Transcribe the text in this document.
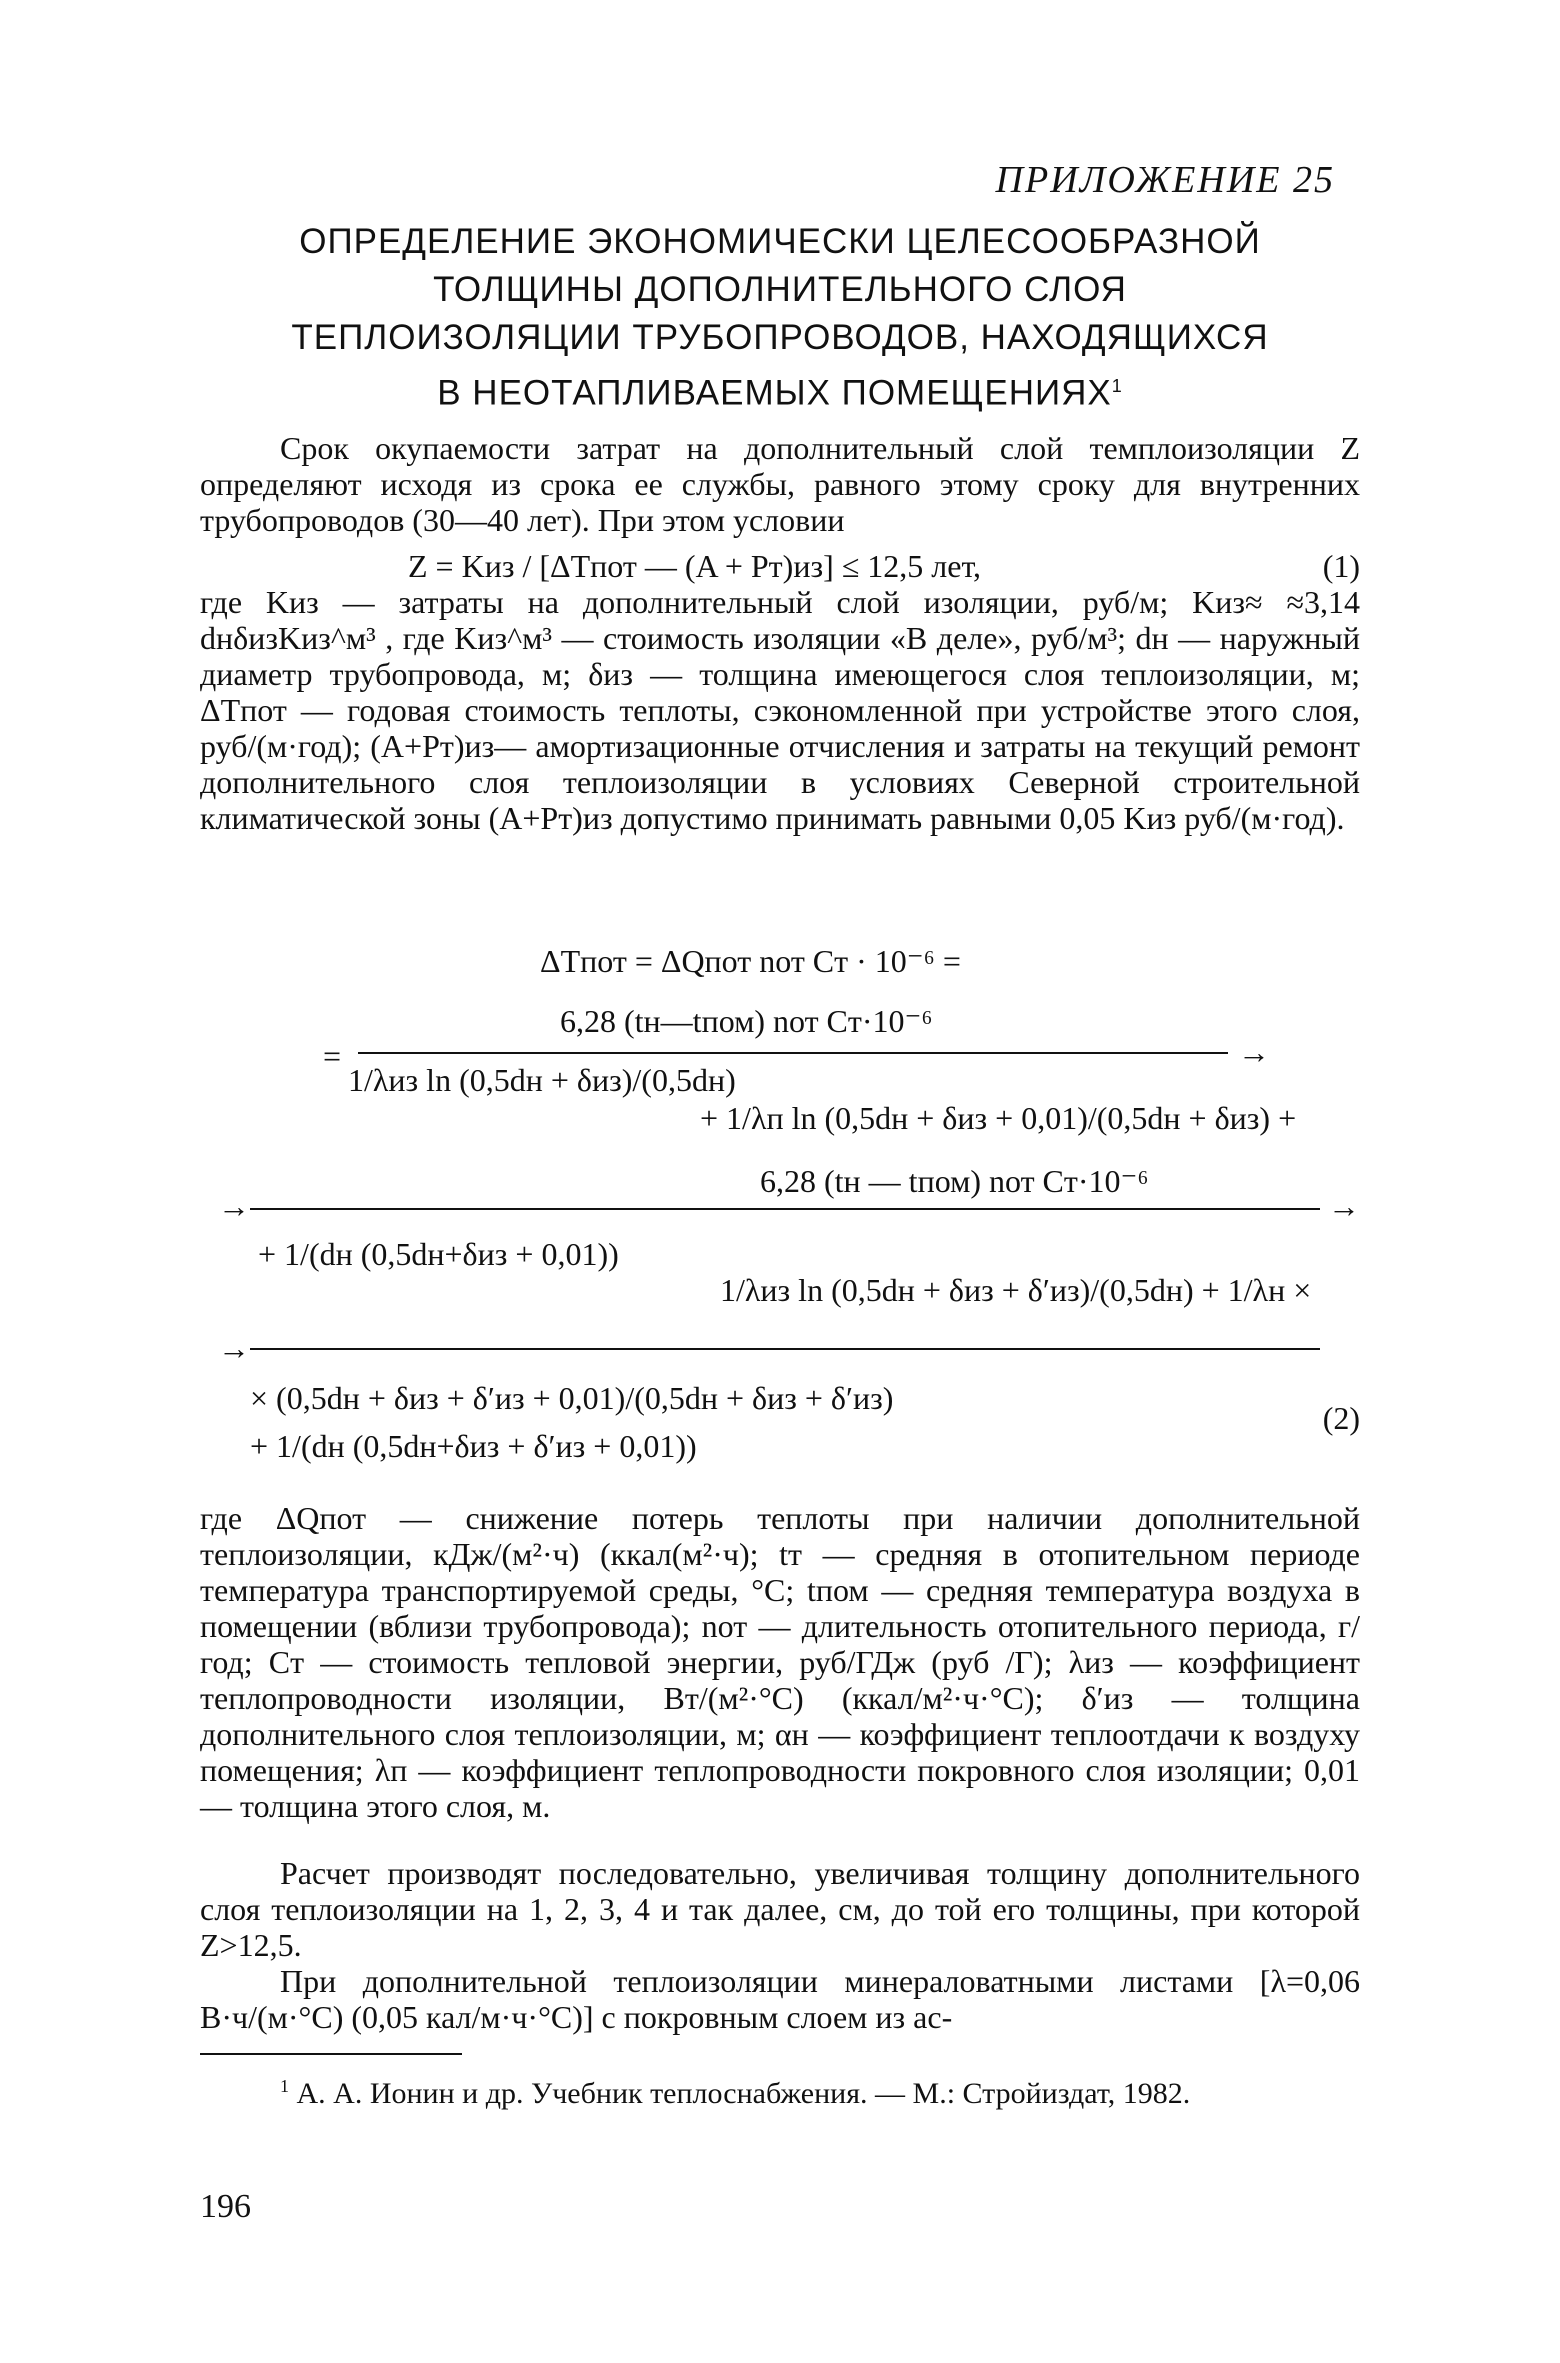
ПРИЛОЖЕНИЕ 25
ОПРЕДЕЛЕНИЕ ЭКОНОМИЧЕСКИ ЦЕЛЕСООБРАЗНОЙ
ТОЛЩИНЫ ДОПОЛНИТЕЛЬНОГО СЛОЯ
ТЕПЛОИЗОЛЯЦИИ ТРУБОПРОВОДОВ, НАХОДЯЩИХСЯ
В НЕОТАПЛИВАЕМЫХ ПОМЕЩЕНИЯХ$^1$
Срок окупаемости затрат на дополнительный слой темплоизоляции Z определяют исходя из срока ее службы, равного этому сроку для внутренних трубопроводов (30—40 лет). При этом условии
Z = Kиз / [ΔTпот — (A + Pт)из] ≤ 12,5 лет,	(1)
где Kиз — затраты на дополнительный слой изоляции, руб/м; Kиз≈ ≈3,14 dнδизKиз^м³ , где Kиз^м³ — стоимость изоляции «В деле», руб/м³; dн — наружный диаметр трубопровода, м; δиз — толщина имеющегося слоя теплоизоляции, м; ΔTпот — годовая стоимость теплоты, сэкономленной при устройстве этого слоя, руб/(м·год); (A+Pт)из— амортизационные отчисления и затраты на текущий ремонт дополнительного слоя теплоизоляции в условиях Северной строительной климатической зоны (A+Pт)из допустимо принимать равными 0,05 Kиз руб/(м·год).
ΔTпот = ΔQпот nот Cт · 10⁻⁶ =
6,28 (tн—tпом) nот Cт·10⁻⁶
=	→
1/λиз ln (0,5dн + δиз)/(0,5dн)
+ 1/λп ln (0,5dн + δиз + 0,01)/(0,5dн + δиз) +
6,28 (tн — tпом) nот Cт·10⁻⁶
→	→
+ 1/(dн (0,5dн+δиз + 0,01))
1/λиз ln (0,5dн + δиз + δ′из)/(0,5dн) + 1/λн ×
→
× (0,5dн + δиз + δ′из + 0,01)/(0,5dн + δиз + δ′из)
+ 1/(dн (0,5dн+δиз + δ′из + 0,01))
(2)
где ΔQпот — снижение потерь теплоты при наличии дополнительной теплоизоляции, кДж/(м²·ч) (ккал(м²·ч); tт — средняя в отопительном периоде температура транспортируемой среды, °С; tпом — средняя температура воздуха в помещении (вблизи трубопровода); nот — длительность отопительного периода, г/год; Cт — стоимость тепловой энергии, руб/ГДж (руб /Г); λиз — коэффициент теплопроводности изоляции, Вт/(м²·°С) (ккал/м²·ч·°С); δ′из — толщина дополнительного слоя теплоизоляции, м; αн — коэффициент теплоотдачи к воздуху помещения; λп — коэффициент теплопроводности покровного слоя изоляции; 0,01 — толщина этого слоя, м.
Расчет производят последовательно, увеличивая толщину дополнительного слоя теплоизоляции на 1, 2, 3, 4 и так далее, см, до той его толщины, при которой Z>12,5.
При дополнительной теплоизоляции минераловатными листами [λ=0,06 В·ч/(м·°С) (0,05 кал/м·ч·°С)] с покровным слоем из ас-
$^1$ А. А. Ионин и др. Учебник теплоснабжения. — М.: Стройиздат, 1982.
196
